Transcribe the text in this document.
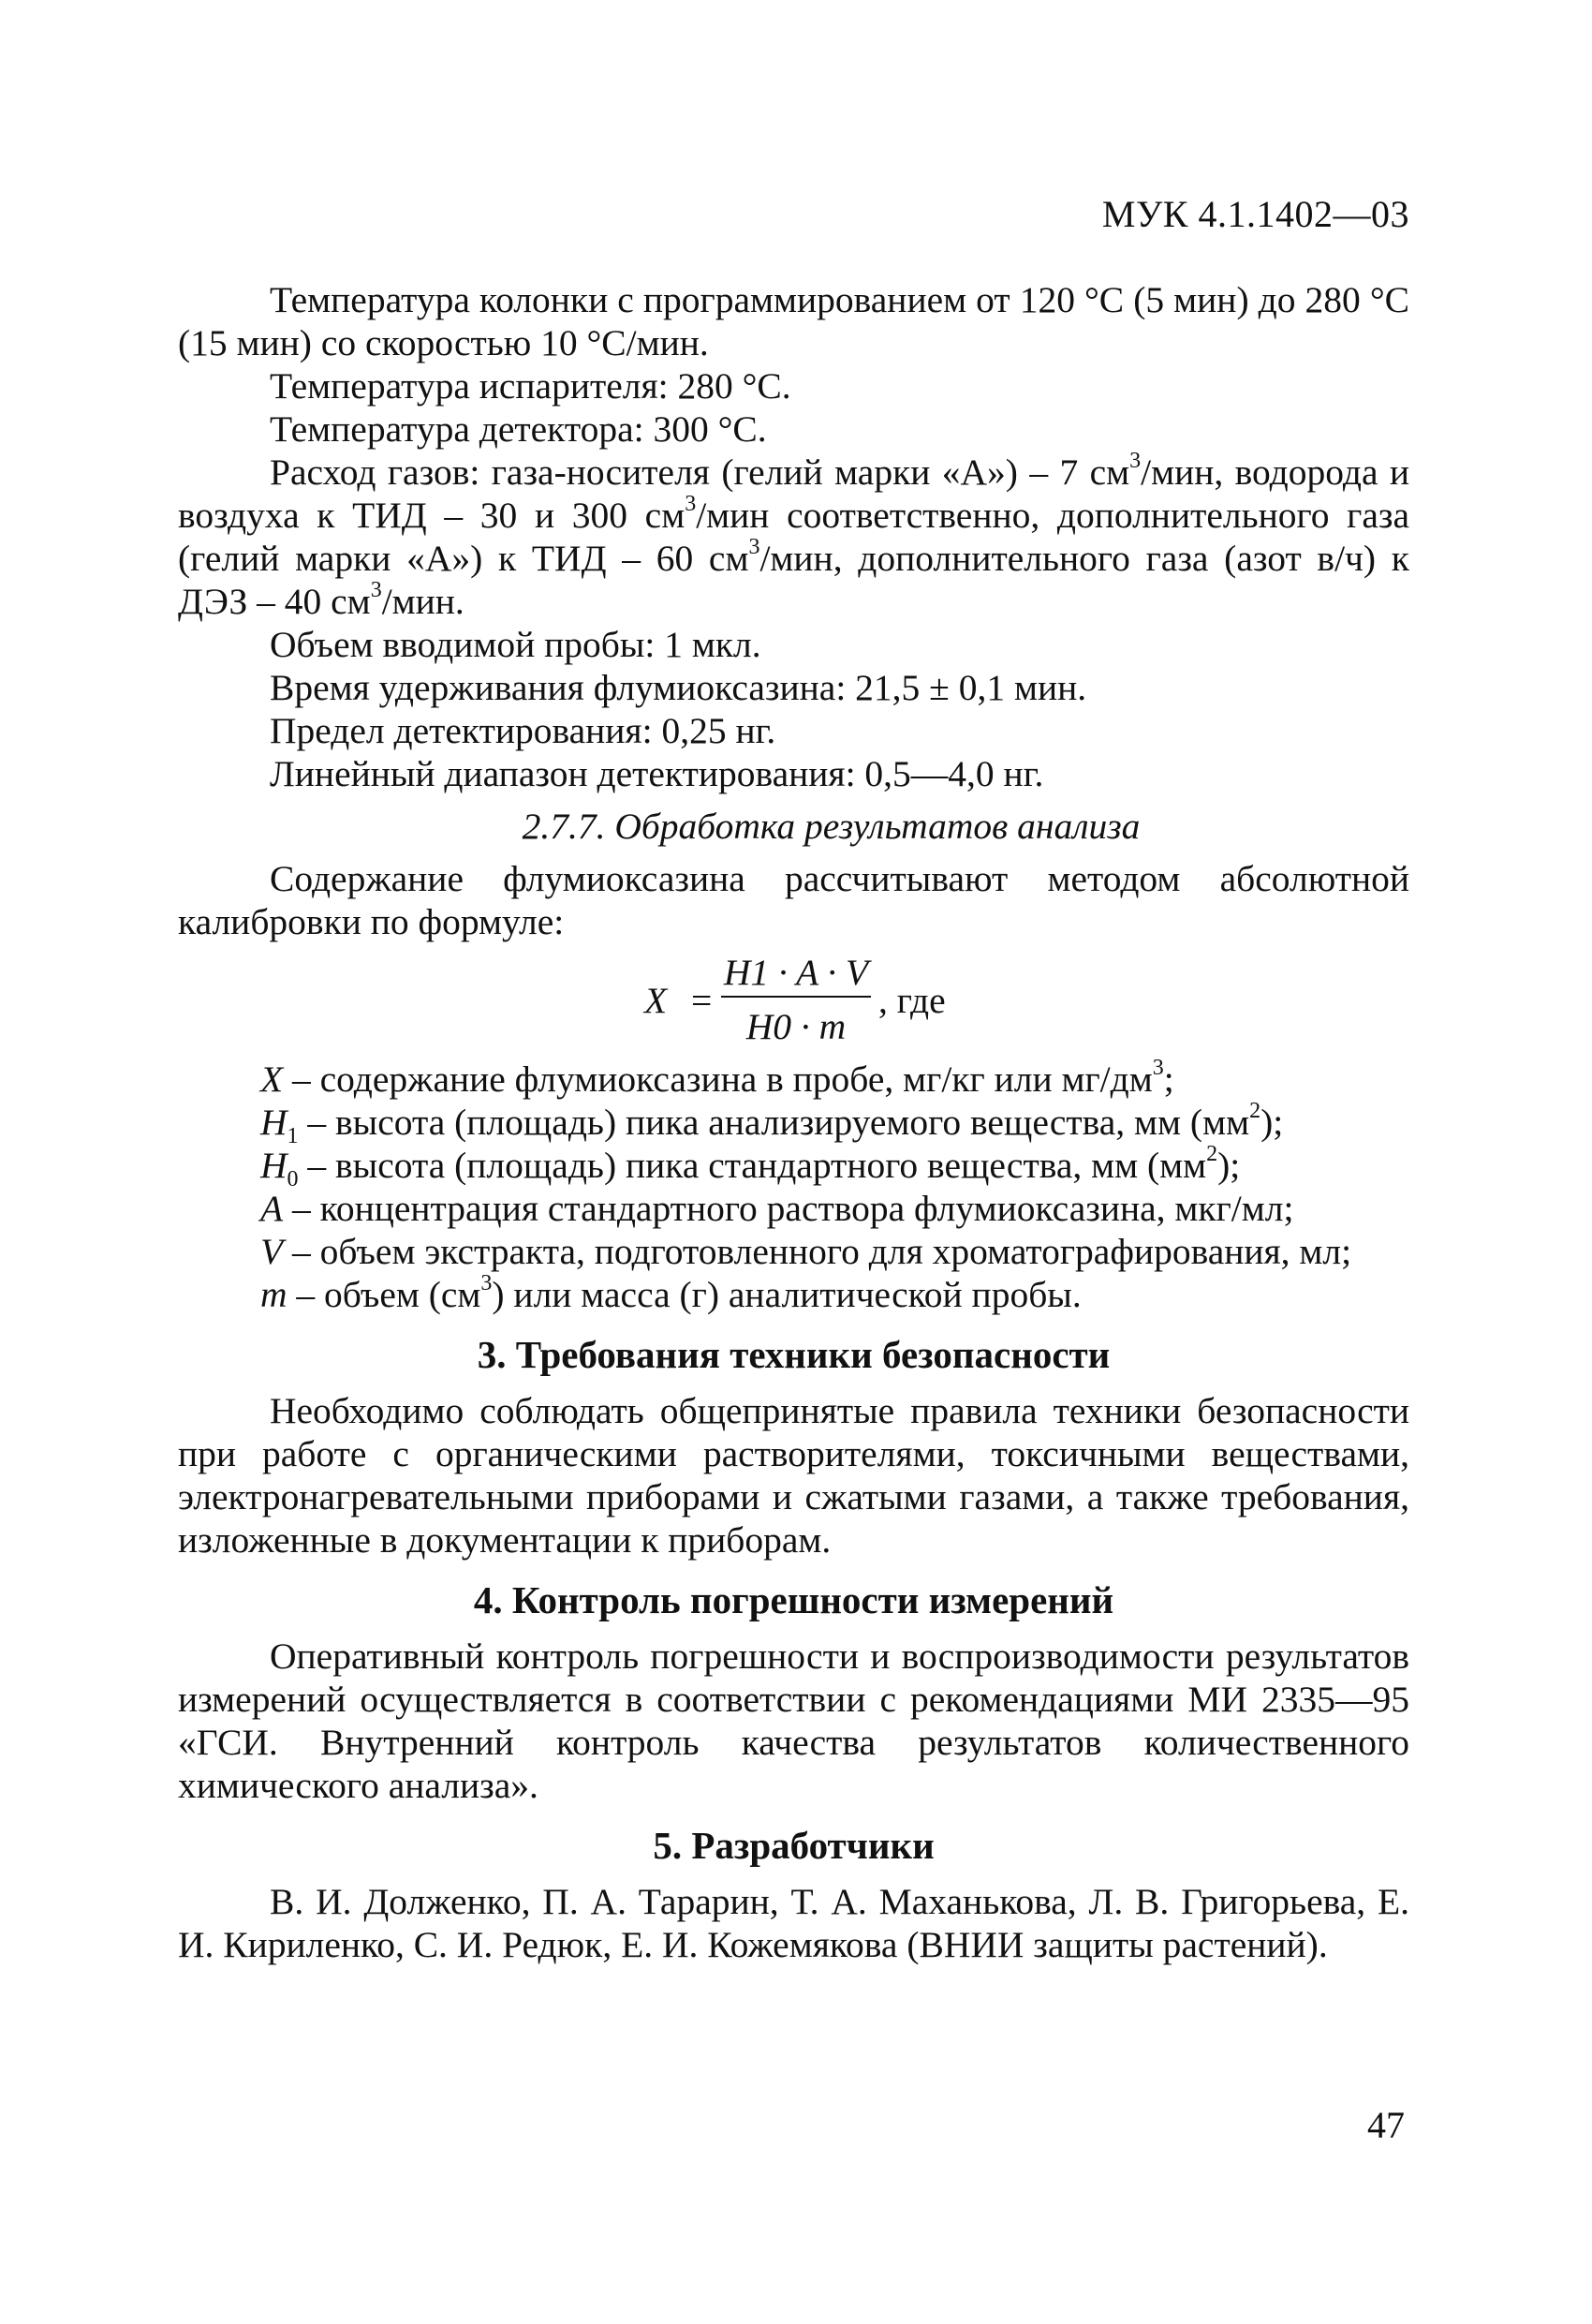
МУК 4.1.1402—03

Температура колонки с программированием от 120 °С (5 мин) до 280 °С (15 мин) со скоростью 10 °С/мин.

Температура испарителя: 280 °С.

Температура детектора: 300 °С.

Расход газов: газа-носителя (гелий марки «А») – 7 $см^3$/мин, водорода и воздуха к ТИД – 30 и 300 $см^3$/мин соответственно, дополнительного газа (гелий марки «А») к ТИД – 60 $см^3$/мин, дополнительного газа (азот в/ч) к ДЭЗ – 40 $см^3$/мин.

Объем вводимой пробы: 1 мкл.

Время удерживания флумиоксазина: 21,5 ± 0,1 мин.

Предел детектирования: 0,25 нг.

Линейный диапазон детектирования: 0,5—4,0 нг.

2.7.7. Обработка результатов анализа

Содержание флумиоксазина рассчитывают методом абсолютной калибровки по формуле:

X =
H1 · A · V
H0 · m
, где

X – содержание флумиоксазина в пробе, мг/кг или $мг/дм^3$;

$H_1$ – высота (площадь) пика анализируемого вещества, мм $(мм^2)$;

$H_0$ – высота (площадь) пика стандартного вещества, мм $(мм^2)$;

A – концентрация стандартного раствора флумиоксазина, мкг/мл;

V – объем экстракта, подготовленного для хроматографирования, мл;

m – объем $(см^3)$ или масса (г) аналитической пробы.

3. Требования техники безопасности

Необходимо соблюдать общепринятые правила техники безопасности при работе с органическими растворителями, токсичными веществами, электронагревательными приборами и сжатыми газами, а также требования, изложенные в документации к приборам.

4. Контроль погрешности измерений

Оперативный контроль погрешности и воспроизводимости результатов измерений осуществляется в соответствии с рекомендациями МИ 2335—95 «ГСИ. Внутренний контроль качества результатов количественного химического анализа».

5. Разработчики

В. И. Долженко, П. А. Тарарин, Т. А. Маханькова, Л. В. Григорьева, Е. И. Кириленко, С. И. Редюк, Е. И. Кожемякова (ВНИИ защиты растений).

47
